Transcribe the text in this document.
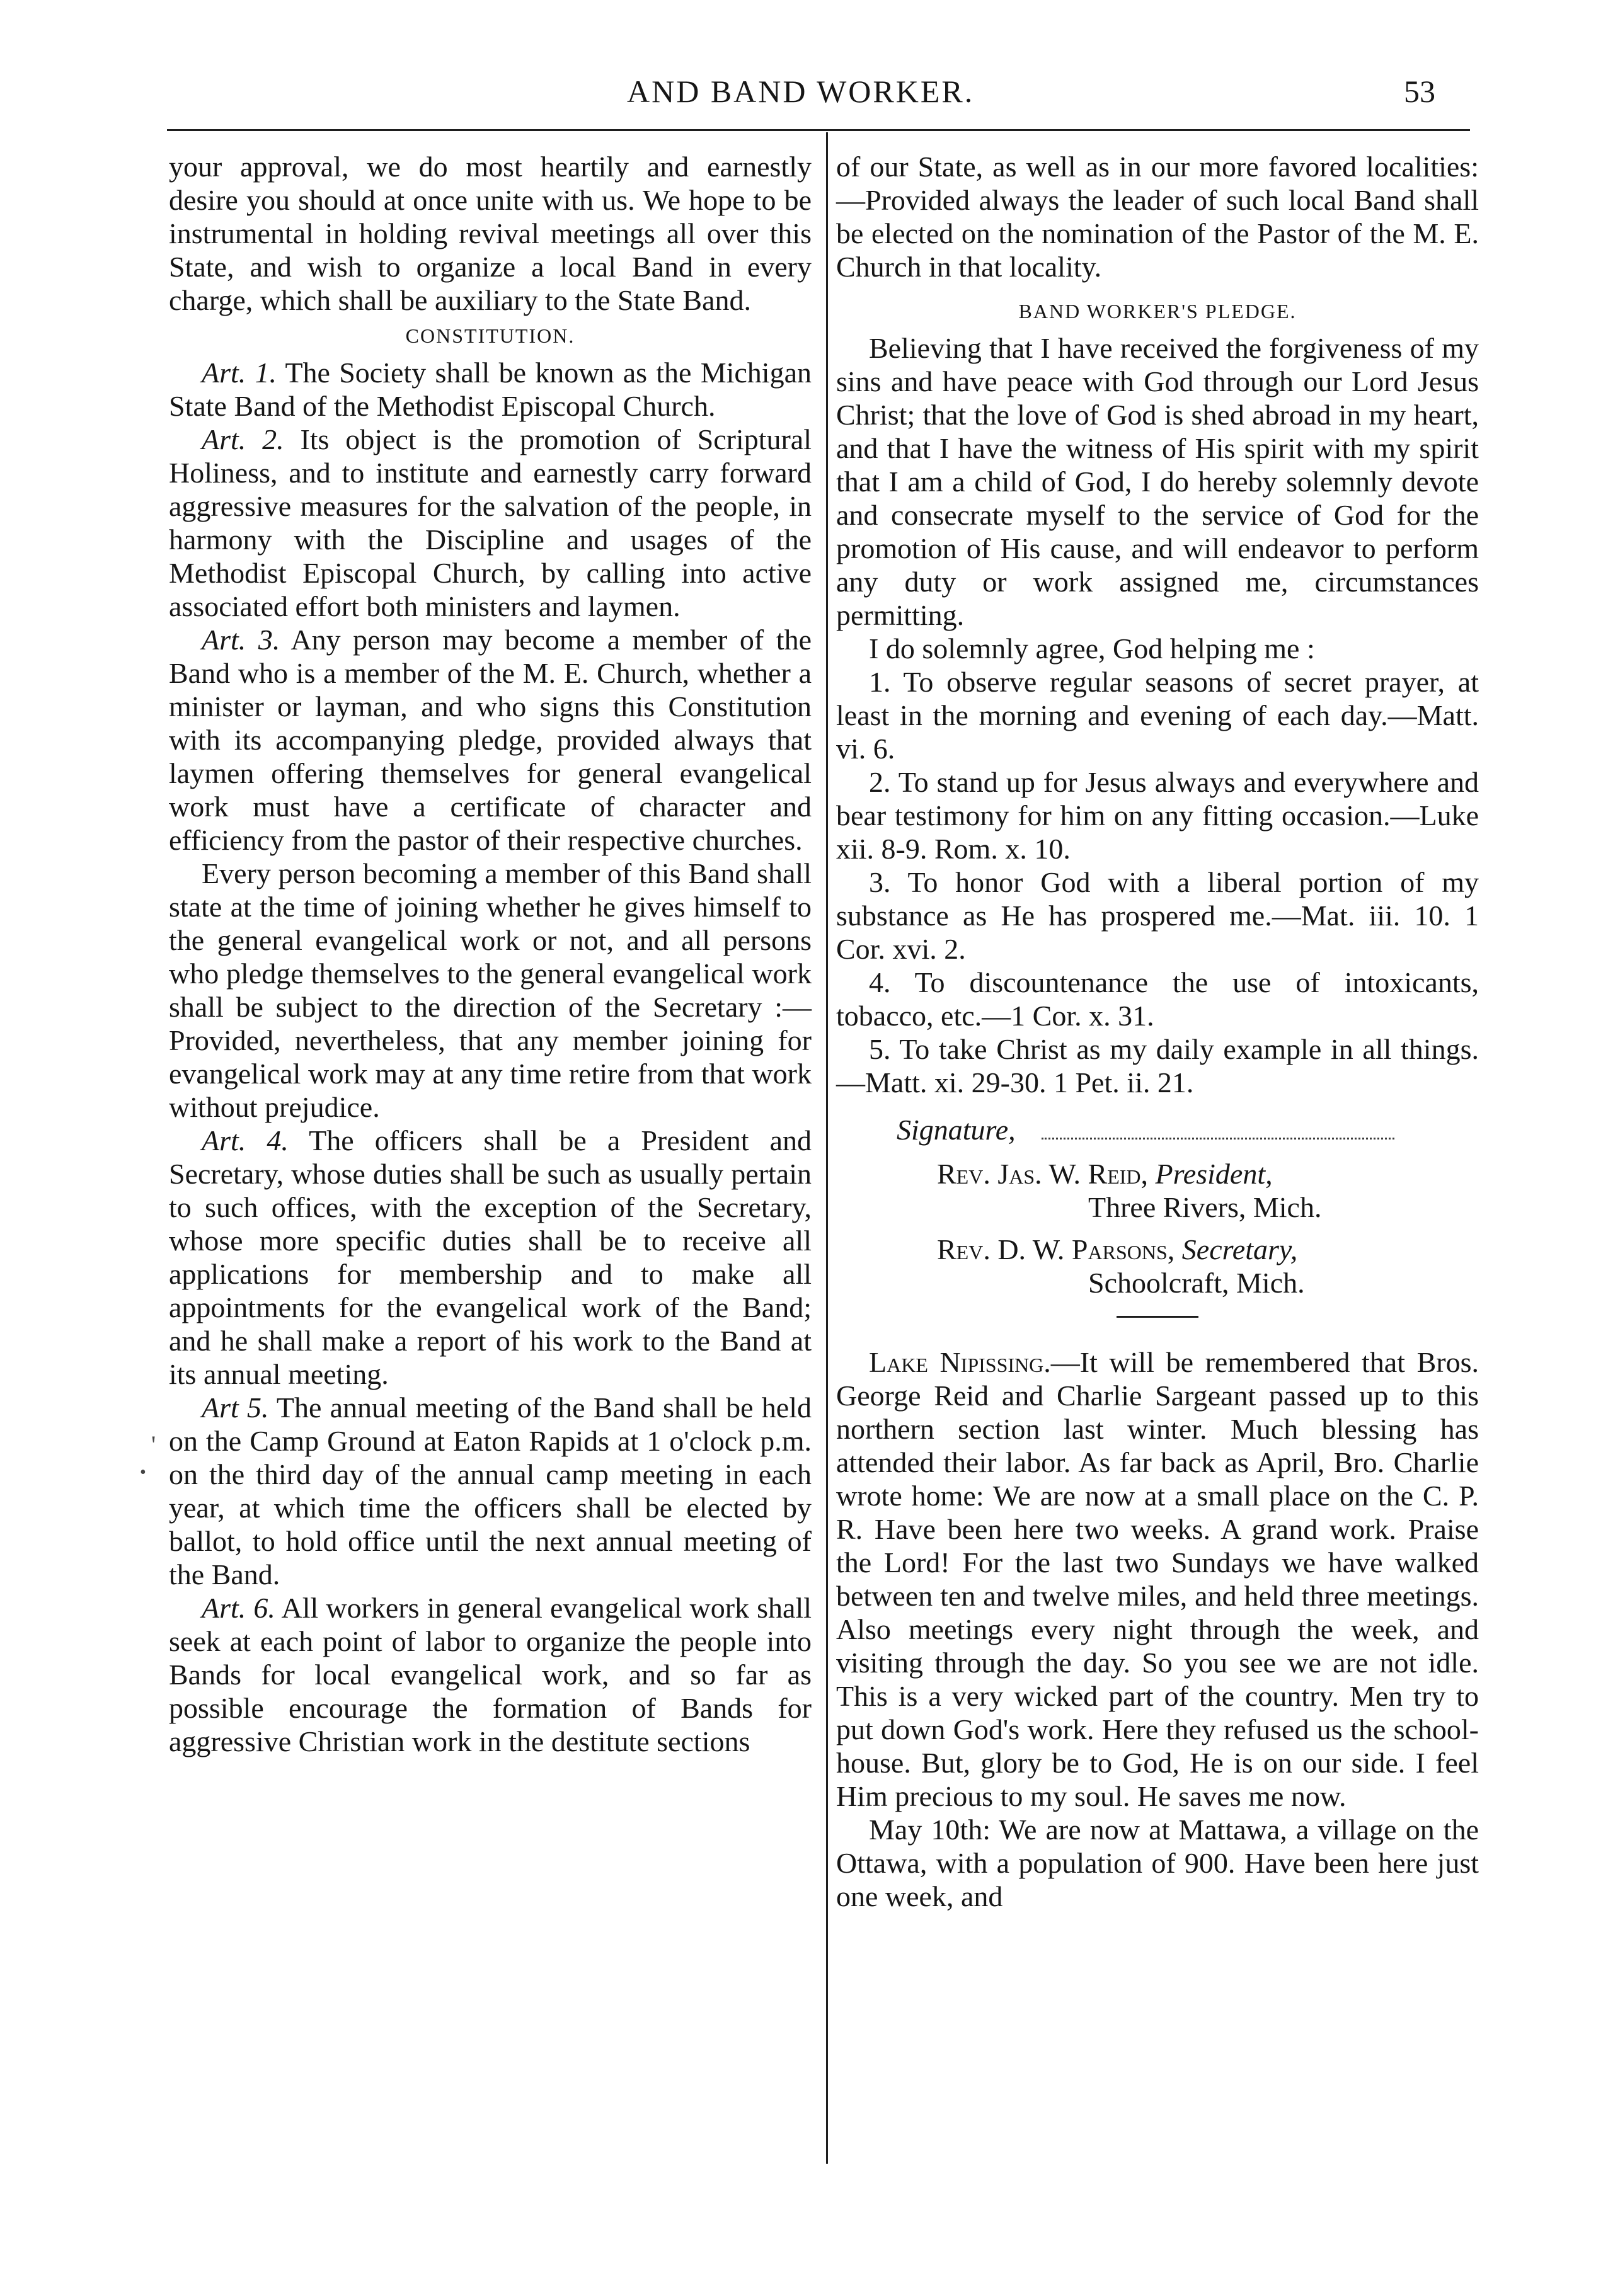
AND BAND WORKER.	53
'
•

your approval, we do most heartily and earnestly desire you should at once unite with us. We hope to be instrumental in holding revival meetings all over this State, and wish to organize a local Band in every charge, which shall be auxiliary to the State Band.

CONSTITUTION.

Art. 1. The Society shall be known as the Michigan State Band of the Methodist Episcopal Church.

Art. 2. Its object is the promotion of Scriptural Holiness, and to institute and earnestly carry forward aggressive measures for the salvation of the people, in harmony with the Discipline and usages of the Methodist Episcopal Church, by calling into active associated effort both ministers and laymen.

Art. 3. Any person may become a member of the Band who is a member of the M. E. Church, whether a minister or layman, and who signs this Constitution with its accompanying pledge, provided always that laymen offering themselves for general evangelical work must have a certificate of character and efficiency from the pastor of their respective churches.

Every person becoming a member of this Band shall state at the time of joining whether he gives himself to the general evangelical work or not, and all persons who pledge themselves to the general evangelical work shall be subject to the direction of the Secretary :—Provided, nevertheless, that any member joining for evangelical work may at any time retire from that work without prejudice.

Art. 4. The officers shall be a President and Secretary, whose duties shall be such as usually pertain to such offices, with the exception of the Secretary, whose more specific duties shall be to receive all applications for membership and to make all appointments for the evangelical work of the Band; and he shall make a report of his work to the Band at its annual meeting.

Art 5. The annual meeting of the Band shall be held on the Camp Ground at Eaton Rapids at 1 o'clock p.m. on the third day of the annual camp meeting in each year, at which time the officers shall be elected by ballot, to hold office until the next annual meeting of the Band.

Art. 6. All workers in general evangelical work shall seek at each point of labor to organize the people into Bands for local evangelical work, and so far as possible encourage the formation of Bands for aggressive Christian work in the destitute sections

of our State, as well as in our more favored localities:—Provided always the leader of such local Band shall be elected on the nomination of the Pastor of the M. E. Church in that locality.

BAND WORKER'S PLEDGE.

Believing that I have received the forgiveness of my sins and have peace with God through our Lord Jesus Christ; that the love of God is shed abroad in my heart, and that I have the witness of His spirit with my spirit that I am a child of God, I do hereby solemnly devote and consecrate myself to the service of God for the promotion of His cause, and will endeavor to perform any duty or work assigned me, circumstances permitting.

I do solemnly agree, God helping me :

1. To observe regular seasons of secret prayer, at least in the morning and evening of each day.—Matt. vi. 6.

2. To stand up for Jesus always and everywhere and bear testimony for him on any fitting occasion.—Luke xii. 8-9. Rom. x. 10.

3. To honor God with a liberal portion of my substance as He has prospered me.—Mat. iii. 10. 1 Cor. xvi. 2.

4. To discountenance the use of intoxicants, tobacco, etc.—1 Cor. x. 31.

5. To take Christ as my daily example in all things.—Matt. xi. 29-30. 1 Pet. ii. 21.

Signature,
Rev. Jas. W. Reid, President,
Three Rivers, Mich.
Rev. D. W. Parsons, Secretary,
Schoolcraft, Mich.

Lake Nipissing.—It will be remembered that Bros. George Reid and Charlie Sargeant passed up to this northern section last winter. Much blessing has attended their labor. As far back as April, Bro. Charlie wrote home: We are now at a small place on the C. P. R. Have been here two weeks. A grand work. Praise the Lord! For the last two Sundays we have walked between ten and twelve miles, and held three meetings. Also meetings every night through the week, and visiting through the day. So you see we are not idle. This is a very wicked part of the country. Men try to put down God's work. Here they refused us the school-house. But, glory be to God, He is on our side. I feel Him precious to my soul. He saves me now.

May 10th: We are now at Mattawa, a village on the Ottawa, with a population of 900. Have been here just one week, and
